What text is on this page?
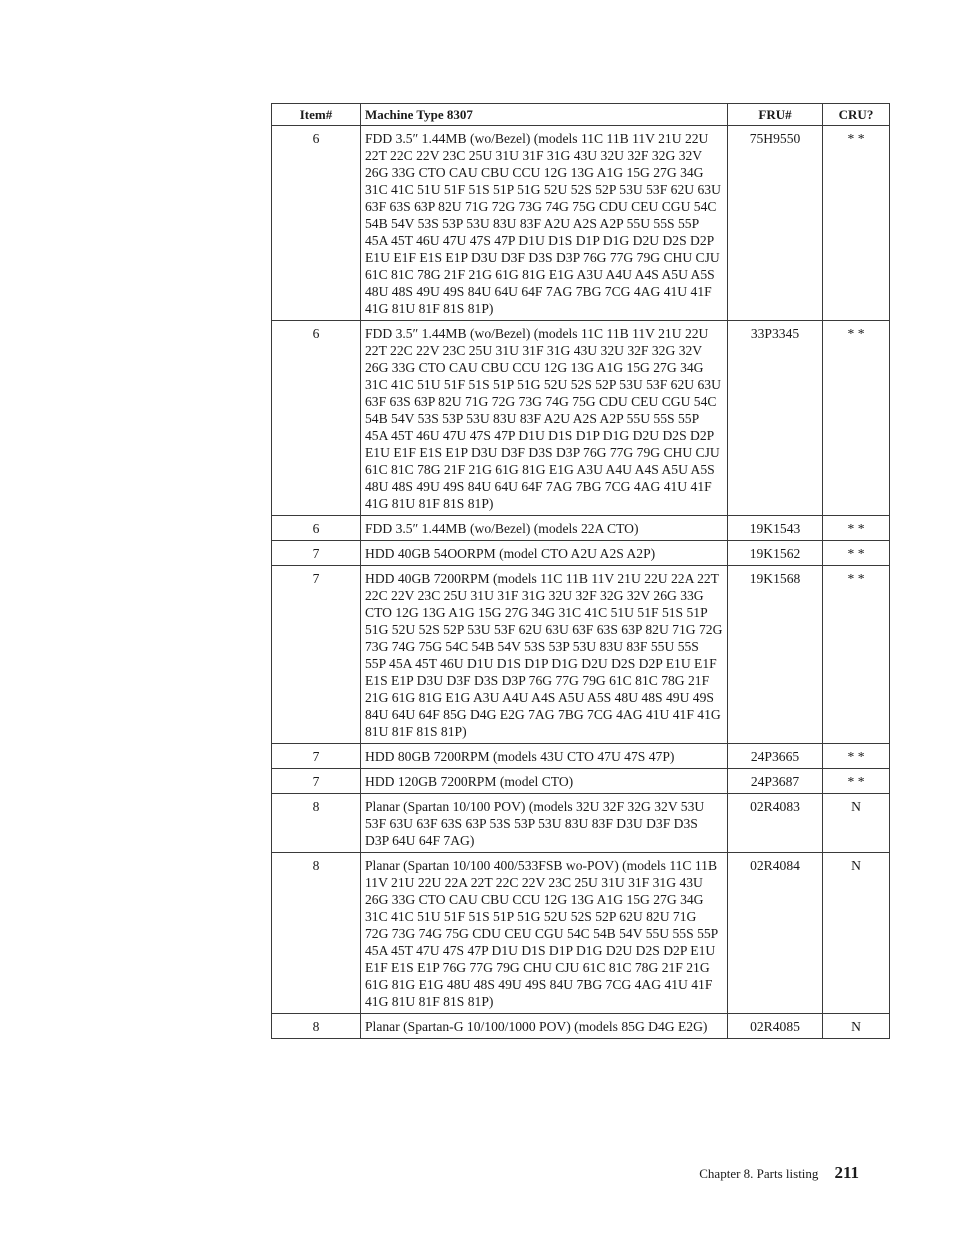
Item#	Machine Type 8307	FRU#	CRU?
6	FDD 3.5″ 1.44MB (wo/Bezel) (models 11C 11B 11V 21U 22U 22T 22C 22V 23C 25U 31U 31F 31G 43U 32U 32F 32G 32V 26G 33G CTO CAU CBU CCU 12G 13G A1G 15G 27G 34G 31C 41C 51U 51F 51S 51P 51G 52U 52S 52P 53U 53F 62U 63U 63F 63S 63P 82U 71G 72G 73G 74G 75G CDU CEU CGU 54C 54B 54V 53S 53P 53U 83U 83F A2U A2S A2P 55U 55S 55P 45A 45T 46U 47U 47S 47P D1U D1S D1P D1G D2U D2S D2P E1U E1F E1S E1P D3U D3F D3S D3P 76G 77G 79G CHU CJU 61C 81C 78G 21F 21G 61G 81G E1G A3U A4U A4S A5U A5S 48U 48S 49U 49S 84U 64U 64F 7AG 7BG 7CG 4AG 41U 41F 41G 81U 81F 81S 81P)	75H9550	* *
6	FDD 3.5″ 1.44MB (wo/Bezel) (models 11C 11B 11V 21U 22U 22T 22C 22V 23C 25U 31U 31F 31G 43U 32U 32F 32G 32V 26G 33G CTO CAU CBU CCU 12G 13G A1G 15G 27G 34G 31C 41C 51U 51F 51S 51P 51G 52U 52S 52P 53U 53F 62U 63U 63F 63S 63P 82U 71G 72G 73G 74G 75G CDU CEU CGU 54C 54B 54V 53S 53P 53U 83U 83F A2U A2S A2P 55U 55S 55P 45A 45T 46U 47U 47S 47P D1U D1S D1P D1G D2U D2S D2P E1U E1F E1S E1P D3U D3F D3S D3P 76G 77G 79G CHU CJU 61C 81C 78G 21F 21G 61G 81G E1G A3U A4U A4S A5U A5S 48U 48S 49U 49S 84U 64U 64F 7AG 7BG 7CG 4AG 41U 41F 41G 81U 81F 81S 81P)	33P3345	* *
6	FDD 3.5″ 1.44MB (wo/Bezel) (models 22A CTO)	19K1543	* *
7	HDD 40GB 54OORPM (model CTO A2U A2S A2P)	19K1562	* *
7	HDD 40GB 7200RPM (models 11C 11B 11V 21U 22U 22A 22T 22C 22V 23C 25U 31U 31F 31G 32U 32F 32G 32V 26G 33G CTO 12G 13G A1G 15G 27G 34G 31C 41C 51U 51F 51S 51P 51G 52U 52S 52P 53U 53F 62U 63U 63F 63S 63P 82U 71G 72G 73G 74G 75G 54C 54B 54V 53S 53P 53U 83U 83F 55U 55S 55P 45A 45T 46U D1U D1S D1P D1G D2U D2S D2P E1U E1F E1S E1P D3U D3F D3S D3P 76G 77G 79G 61C 81C 78G 21F 21G 61G 81G E1G A3U A4U A4S A5U A5S 48U 48S 49U 49S 84U 64U 64F 85G D4G E2G 7AG 7BG 7CG 4AG 41U 41F 41G 81U 81F 81S 81P)	19K1568	* *
7	HDD 80GB 7200RPM (models 43U CTO 47U 47S 47P)	24P3665	* *
7	HDD 120GB 7200RPM (model CTO)	24P3687	* *
8	Planar (Spartan 10/100 POV) (models 32U 32F 32G 32V 53U 53F 63U 63F 63S 63P 53S 53P 53U 83U 83F D3U D3F D3S D3P 64U 64F 7AG)	02R4083	N
8	Planar (Spartan 10/100 400/533FSB wo-POV) (models 11C 11B 11V 21U 22U 22A 22T 22C 22V 23C 25U 31U 31F 31G 43U 26G 33G CTO CAU CBU CCU 12G 13G A1G 15G 27G 34G 31C 41C 51U 51F 51S 51P 51G 52U 52S 52P 62U 82U 71G 72G 73G 74G 75G CDU CEU CGU 54C 54B 54V 55U 55S 55P 45A 45T 47U 47S 47P D1U D1S D1P D1G D2U D2S D2P E1U E1F E1S E1P 76G 77G 79G CHU CJU 61C 81C 78G 21F 21G 61G 81G E1G 48U 48S 49U 49S 84U 7BG 7CG 4AG 41U 41F 41G 81U 81F 81S 81P)	02R4084	N
8	Planar (Spartan-G 10/100/1000 POV) (models 85G D4G E2G)	02R4085	N
Chapter 8. Parts listing 211
